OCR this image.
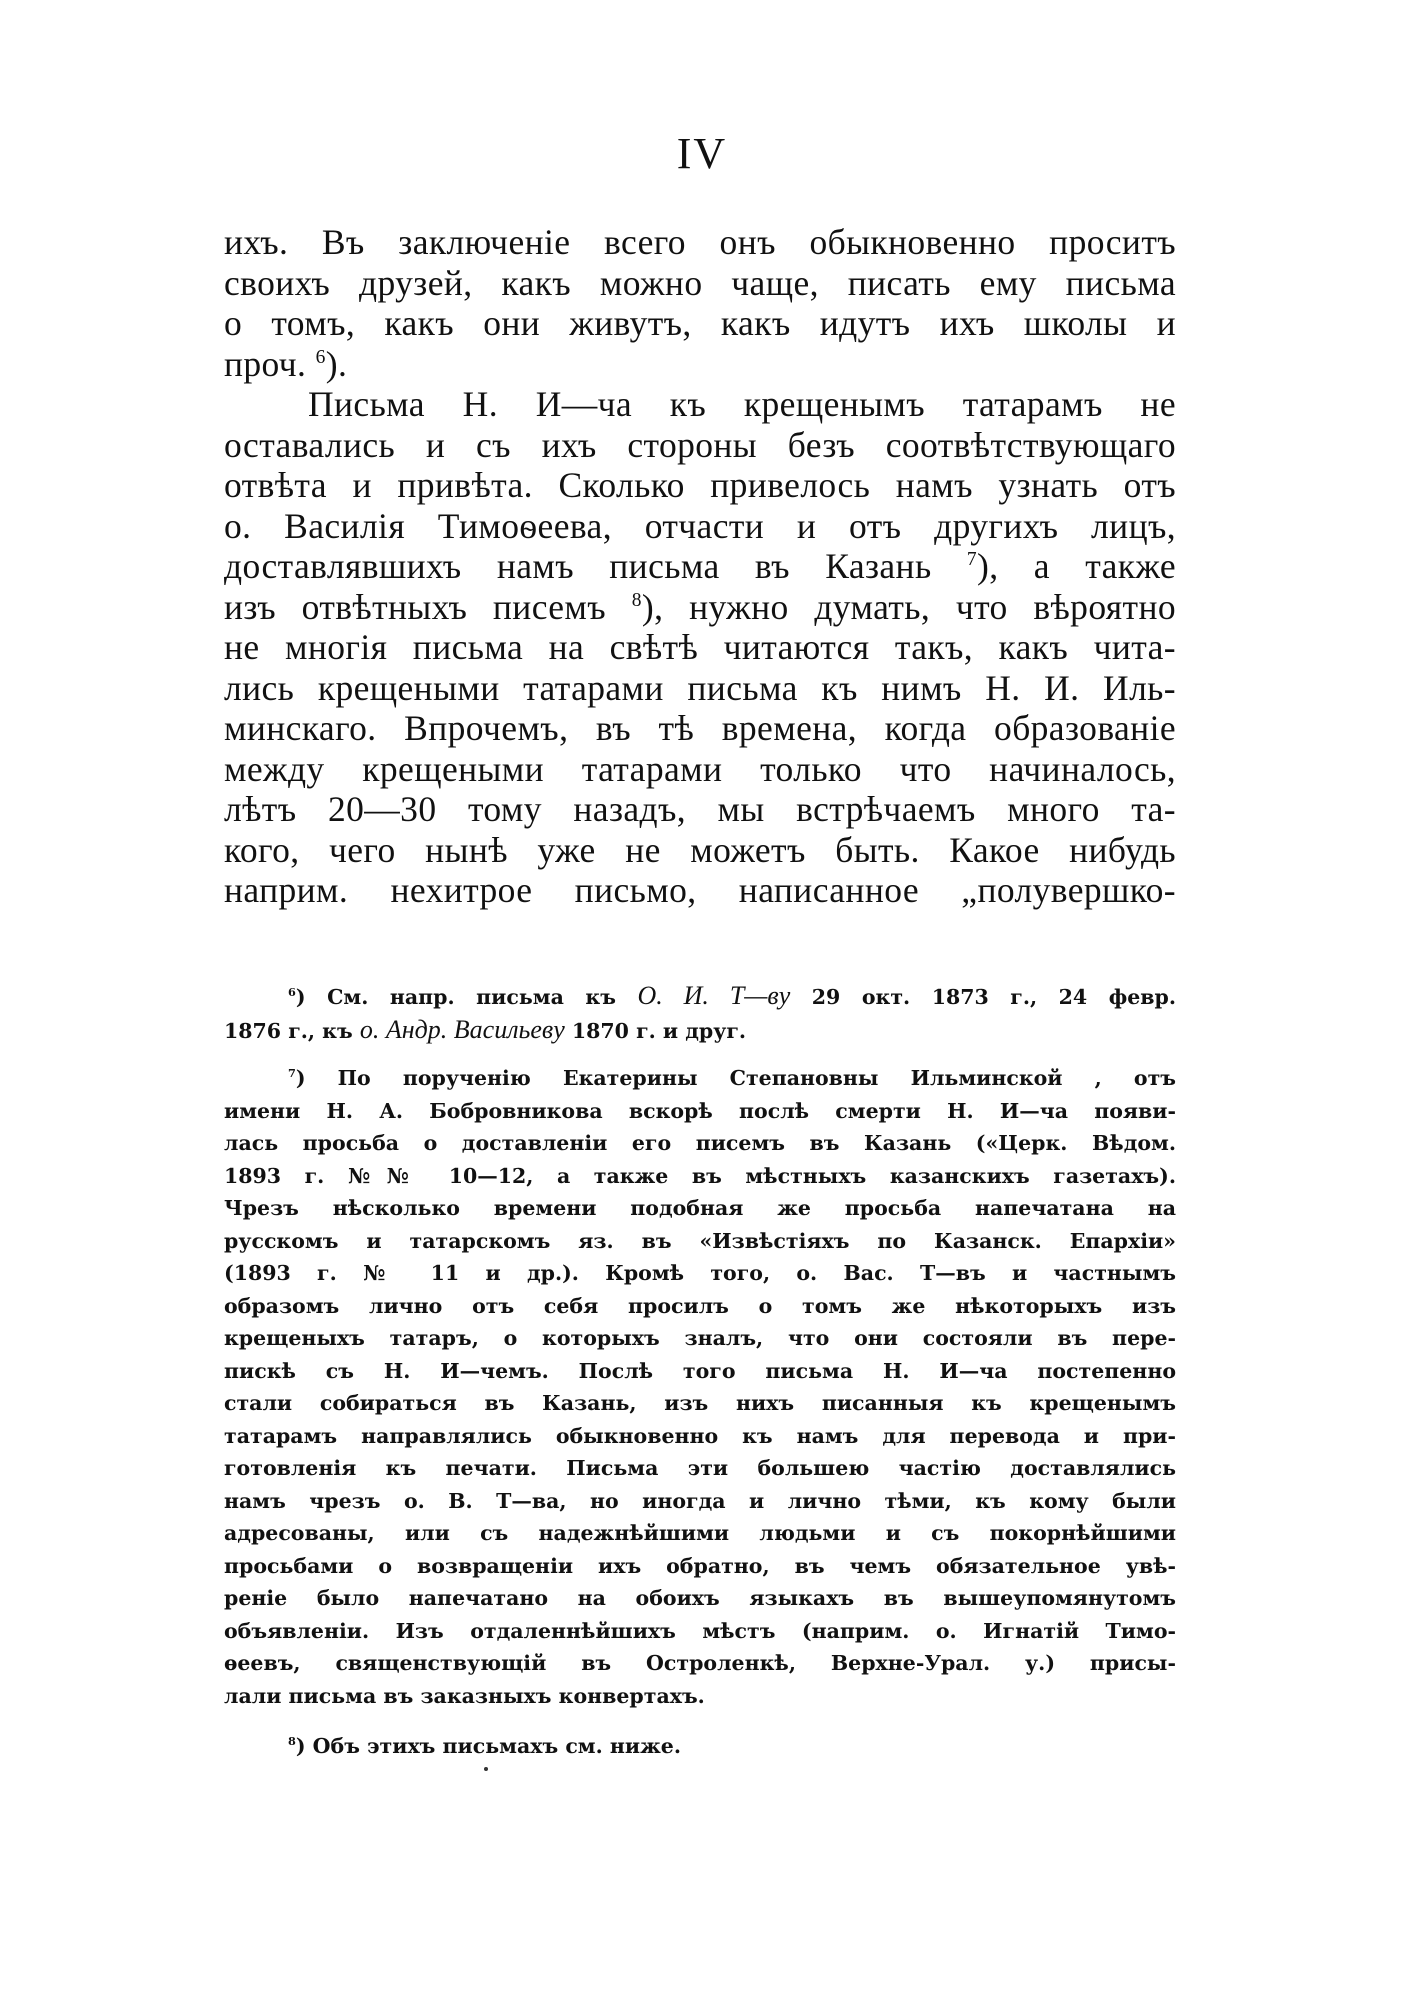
IV
ихъ. Въ заключеніе всего онъ обыкновенно проситъ
своихъ друзей, какъ можно чаще, писать ему письма
о томъ, какъ они живутъ, какъ идутъ ихъ школы и
проч. $^6$).
Письма Н. И—ча къ крещенымъ татарамъ не
оставались и съ ихъ стороны безъ соотвѣтствующаго
отвѣта и привѣта. Сколько привелось намъ узнать отъ
о. Василія Тимоѳеева, отчасти и отъ другихъ лицъ,
доставлявшихъ намъ письма въ Казань $^7$), а также
изъ отвѣтныхъ писемъ $^8$), нужно думать, что вѣроятно
не многія письма на свѣтѣ читаются такъ, какъ чита-
лись крещеными татарами письма къ нимъ Н. И. Иль-
минскаго. Впрочемъ, въ тѣ времена, когда образованіе
между крещеными татарами только что начиналось,
лѣтъ 20—30 тому назадъ, мы встрѣчаемъ много та-
кого, чего нынѣ уже не можетъ быть. Какое нибудь
наприм. нехитрое письмо, написанное „полувершко-
$^6$) См. напр. письма къ О. И. Т—ву 29 окт. 1873 г., 24 февр.
1876 г., къ о. Андр. Васильеву 1870 г. и друг.
$^7$) По порученію Екатерины Степановны Ильминской , отъ
имени Н. А. Бобровникова вскорѣ послѣ смерти Н. И—ча появи-
лась просьба о доставленіи его писемъ въ Казань («Церк. Вѣдом.
1893 г. №№ 10—12, а также въ мѣстныхъ казанскихъ газетахъ).
Чрезъ нѣсколько времени подобная же просьба напечатана на
русскомъ и татарскомъ яз. въ «Извѣстіяхъ по Казанск. Епархіи»
(1893 г. № 11 и др.). Кромѣ того, о. Вас. Т—въ и частнымъ
образомъ лично отъ себя просилъ о томъ же нѣкоторыхъ изъ
крещеныхъ татаръ, о которыхъ зналъ, что они состояли въ пере-
пискѣ съ Н. И—чемъ. Послѣ того письма Н. И—ча постепенно
стали собираться въ Казань, изъ нихъ писанныя къ крещенымъ
татарамъ направлялись обыкновенно къ намъ для перевода и при-
готовленія къ печати. Письма эти большею частію доставлялись
намъ чрезъ о. В. Т—ва, но иногда и лично тѣми, къ кому были
адресованы, или съ надежнѣйшими людьми и съ покорнѣйшими
просьбами о возвращеніи ихъ обратно, въ чемъ обязательное увѣ-
реніе было напечатано на обоихъ языкахъ въ вышеупомянутомъ
объявленіи. Изъ отдаленнѣйшихъ мѣстъ (наприм. о. Игнатій Тимо-
ѳеевъ, священствующій въ Остроленкѣ, Верхне-Урал. у.) присы-
лали письма въ заказныхъ конвертахъ.
$^8$) Объ этихъ письмахъ см. ниже.
